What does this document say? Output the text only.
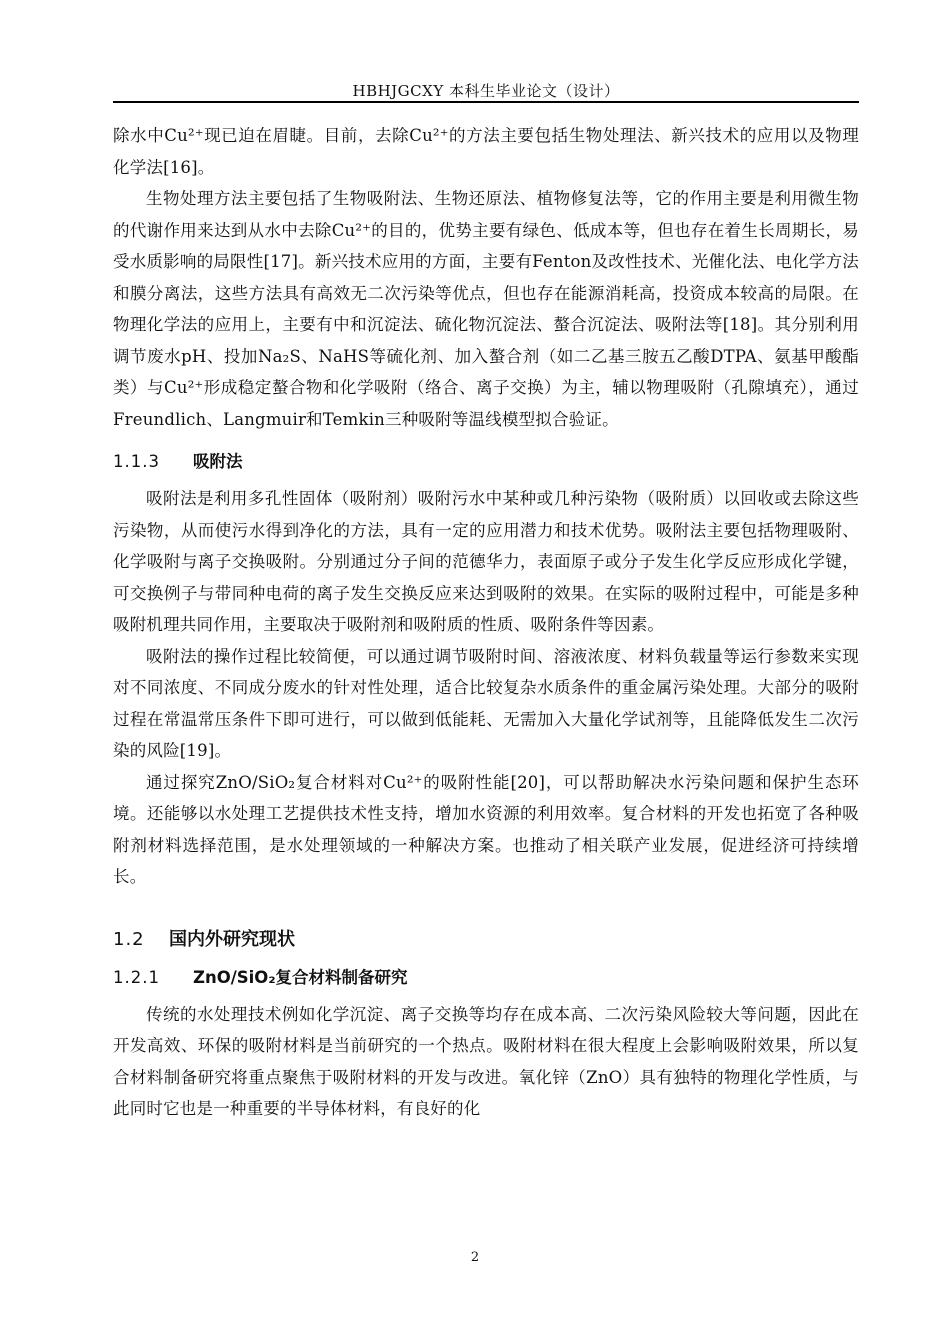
HBHJGCXY 本科生毕业论文（设计）

除水中Cu²⁺现已迫在眉睫。目前，去除Cu²⁺的方法主要包括生物处理法、新兴技术的应用以及物理化学法[16]。

生物处理方法主要包括了生物吸附法、生物还原法、植物修复法等，它的作用主要是利用微生物的代谢作用来达到从水中去除Cu²⁺的目的，优势主要有绿色、低成本等，但也存在着生长周期长，易受水质影响的局限性[17]。新兴技术应用的方面，主要有Fenton及改性技术、光催化法、电化学方法和膜分离法，这些方法具有高效无二次污染等优点，但也存在能源消耗高，投资成本较高的局限。在物理化学法的应用上，主要有中和沉淀法、硫化物沉淀法、螯合沉淀法、吸附法等[18]。其分别利用调节废水pH、投加Na₂S、NaHS等硫化剂、加入螯合剂（如二乙基三胺五乙酸DTPA、氨基甲酸酯类）与Cu²⁺形成稳定螯合物和化学吸附（络合、离子交换）为主，辅以物理吸附（孔隙填充），通过Freundlich、Langmuir和Temkin三种吸附等温线模型拟合验证。

1.1.3 吸附法

吸附法是利用多孔性固体（吸附剂）吸附污水中某种或几种污染物（吸附质）以回收或去除这些污染物，从而使污水得到净化的方法，具有一定的应用潜力和技术优势。吸附法主要包括物理吸附、化学吸附与离子交换吸附。分别通过分子间的范德华力，表面原子或分子发生化学反应形成化学键，可交换例子与带同种电荷的离子发生交换反应来达到吸附的效果。在实际的吸附过程中，可能是多种吸附机理共同作用，主要取决于吸附剂和吸附质的性质、吸附条件等因素。

吸附法的操作过程比较简便，可以通过调节吸附时间、溶液浓度、材料负载量等运行参数来实现对不同浓度、不同成分废水的针对性处理，适合比较复杂水质条件的重金属污染处理。大部分的吸附过程在常温常压条件下即可进行，可以做到低能耗、无需加入大量化学试剂等，且能降低发生二次污染的风险[19]。

通过探究ZnO/SiO₂复合材料对Cu²⁺的吸附性能[20]，可以帮助解决水污染问题和保护生态环境。还能够以水处理工艺提供技术性支持，增加水资源的利用效率。复合材料的开发也拓宽了各种吸附剂材料选择范围，是水处理领域的一种解决方案。也推动了相关联产业发展，促进经济可持续增长。

1.2 国内外研究现状
1.2.1 ZnO/SiO₂复合材料制备研究

传统的水处理技术例如化学沉淀、离子交换等均存在成本高、二次污染风险较大等问题，因此在开发高效、环保的吸附材料是当前研究的一个热点。吸附材料在很大程度上会影响吸附效果，所以复合材料制备研究将重点聚焦于吸附材料的开发与改进。氧化锌（ZnO）具有独特的物理化学性质，与此同时它也是一种重要的半导体材料，有良好的化

2
